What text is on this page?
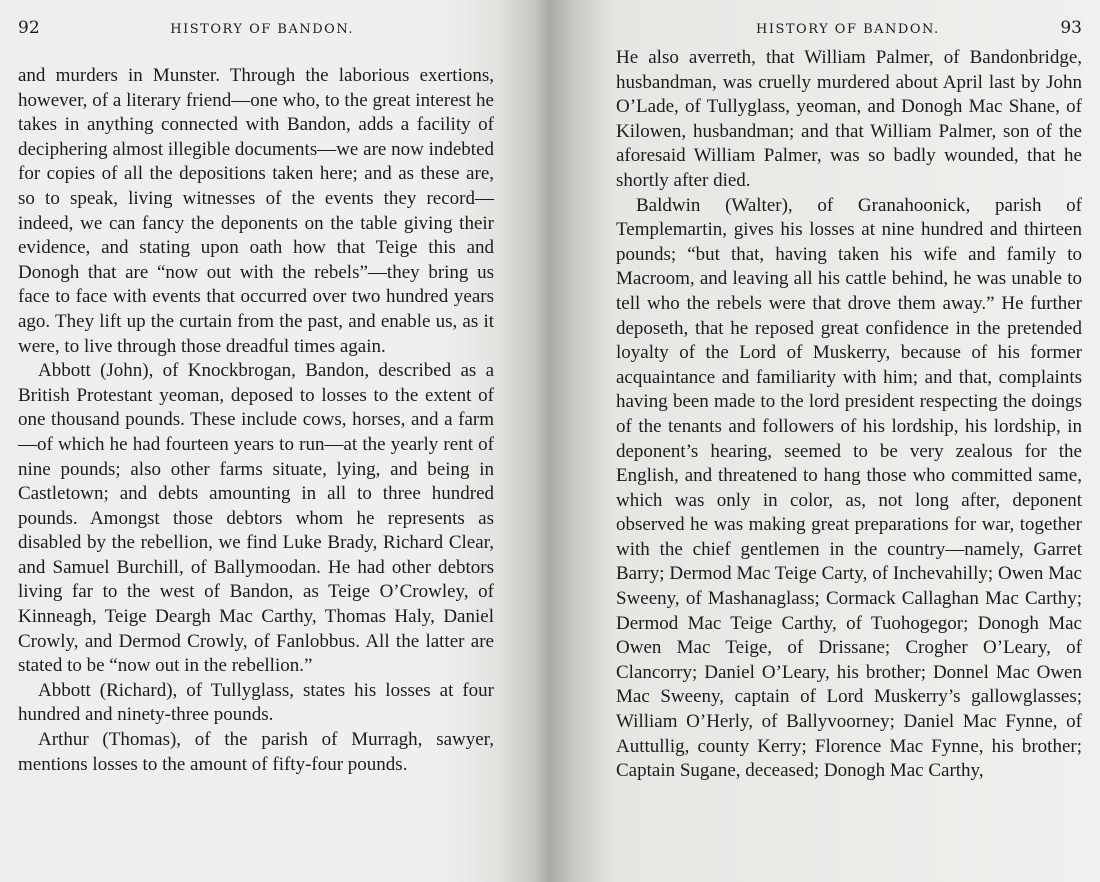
92	HISTORY OF BANDON.

and murders in Munster. Through the laborious exertions, however, of a literary friend—one who, to the great interest he takes in anything connected with Bandon, adds a facility of deciphering almost illegible documents—we are now indebted for copies of all the depositions taken here; and as these are, so to speak, living witnesses of the events they record—indeed, we can fancy the deponents on the table giving their evidence, and stating upon oath how that Teige this and Donogh that are “now out with the rebels”—they bring us face to face with events that occurred over two hundred years ago. They lift up the curtain from the past, and enable us, as it were, to live through those dreadful times again.

Abbott (John), of Knockbrogan, Bandon, described as a British Protestant yeoman, deposed to losses to the extent of one thousand pounds. These include cows, horses, and a farm—of which he had fourteen years to run—at the yearly rent of nine pounds; also other farms situate, lying, and being in Castletown; and debts amounting in all to three hundred pounds. Amongst those debtors whom he represents as disabled by the rebellion, we find Luke Brady, Richard Clear, and Samuel Burchill, of Ballymoodan. He had other debtors living far to the west of Bandon, as Teige O’Crowley, of Kinneagh, Teige Deargh Mac Carthy, Thomas Haly, Daniel Crowly, and Dermod Crowly, of Fanlobbus. All the latter are stated to be “now out in the rebellion.”

Abbott (Richard), of Tullyglass, states his losses at four hundred and ninety-three pounds.

Arthur (Thomas), of the parish of Murragh, sawyer, mentions losses to the amount of fifty-four pounds.

HISTORY OF BANDON.	93

He also averreth, that William Palmer, of Bandonbridge, husbandman, was cruelly murdered about April last by John O’Lade, of Tullyglass, yeoman, and Donogh Mac Shane, of Kilowen, husbandman; and that William Palmer, son of the aforesaid William Palmer, was so badly wounded, that he shortly after died.

Baldwin (Walter), of Granahoonick, parish of Templemartin, gives his losses at nine hundred and thirteen pounds; “but that, having taken his wife and family to Macroom, and leaving all his cattle behind, he was unable to tell who the rebels were that drove them away.” He further deposeth, that he reposed great confidence in the pretended loyalty of the Lord of Muskerry, because of his former acquaintance and familiarity with him; and that, complaints having been made to the lord president respecting the doings of the tenants and followers of his lordship, his lordship, in deponent’s hearing, seemed to be very zealous for the English, and threatened to hang those who committed same, which was only in color, as, not long after, deponent observed he was making great preparations for war, together with the chief gentlemen in the country—namely, Garret Barry; Dermod Mac Teige Carty, of Inchevahilly; Owen Mac Sweeny, of Mashanaglass; Cormack Callaghan Mac Carthy; Dermod Mac Teige Carthy, of Tuohogegor; Donogh Mac Owen Mac Teige, of Drissane; Crogher O’Leary, of Clancorry; Daniel O’Leary, his brother; Donnel Mac Owen Mac Sweeny, captain of Lord Muskerry’s gallowglasses; William O’Herly, of Ballyvoorney; Daniel Mac Fynne, of Auttullig, county Kerry; Florence Mac Fynne, his brother; Captain Sugane, deceased; Donogh Mac Carthy,
